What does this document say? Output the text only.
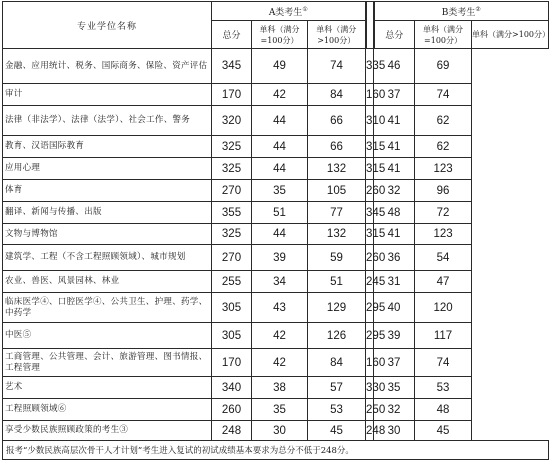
专业学位名称	A类考生①				B类考生②
	总分	单科（满分=100分）	单科（满分>100分）		总分	单科（满分=100分）	单科（满分>100分）
金融、应用统计、税务、国际商务、保险、资产评估	345	49	74	335	46	69	
审计	170	42	84	160	37	74	
法律（非法学）、法律（法学）、社会工作、警务	320	44	66	310	41	62	
教育、汉语国际教育	325	44	66	315	41	62	
应用心理	325	44	132	315	41	123	
体育	270	35	105	260	32	96	
翻译、新闻与传播、出版	355	51	77	345	48	72	
文物与博物馆	325	44	132	315	41	123	
建筑学、工程（不含工程照顾领域）、城市规划	270	39	59	260	36	54	
农业、兽医、风景园林、林业	255	34	51	245	31	47	
临床医学④、口腔医学④、公共卫生、护理、药学、中药学	305	43	129	295	40	120	
中医⑤	305	42	126	295	39	117	
工商管理、公共管理、会计、旅游管理、图书情报、工程管理	170	42	84	160	37	74	
艺术	340	38	57	330	35	53	
工程照顾领域⑥	260	35	53	250	32	48	
享受少数民族照顾政策的考生③	248	30	45	248	30	45	
报考“少数民族高层次骨干人才计划”考生进入复试的初试成绩基本要求为总分不低于248分。							
